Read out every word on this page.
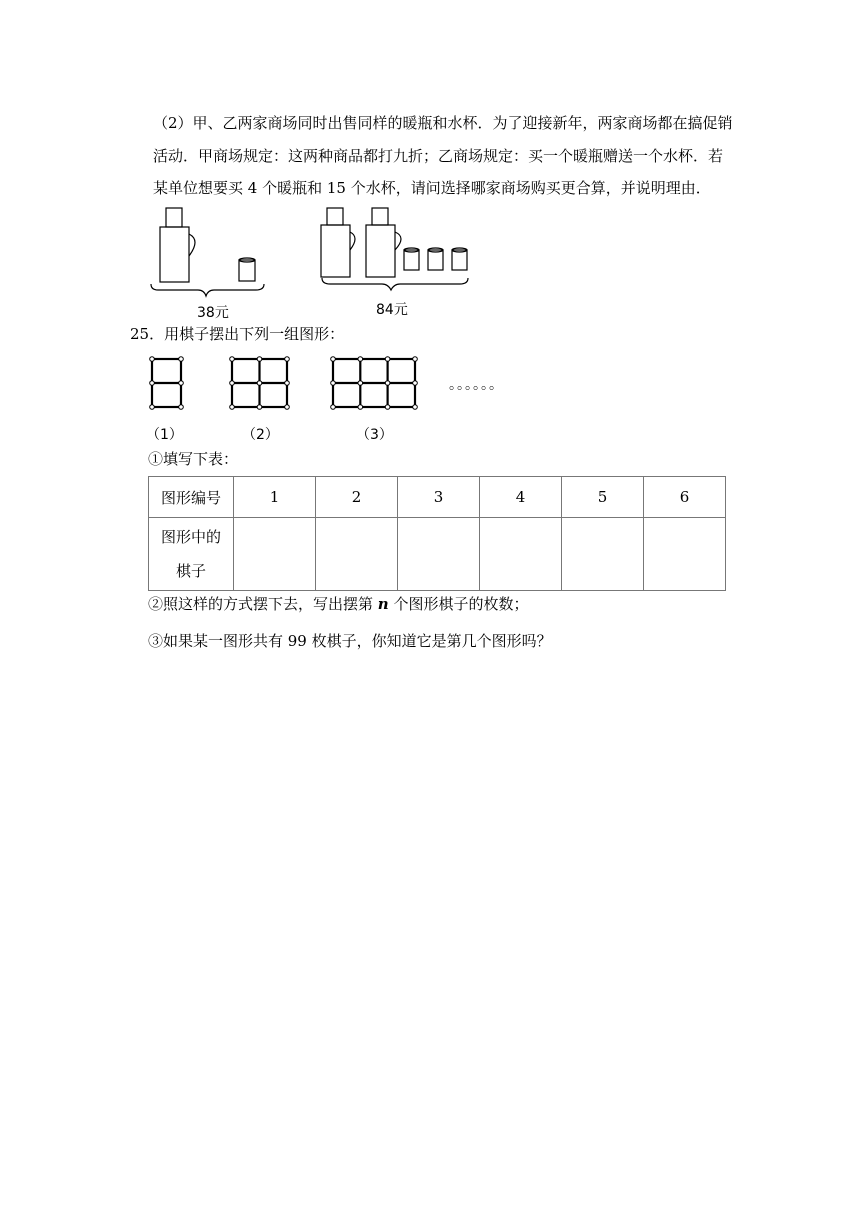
（2）甲、乙两家商场同时出售同样的暖瓶和水杯．为了迎接新年，两家商场都在搞促销
活动．甲商场规定：这两种商品都打九折；乙商场规定：买一个暖瓶赠送一个水杯．若
某单位想要买 4 个暖瓶和 15 个水杯，请问选择哪家商场购买更合算，并说明理由．
38元	84元
25．用棋子摆出下列一组图形：
。。。。。。
（1）	（2）	（3）
①填写下表：
图形编号	1	2	3	4	5	6

图形中的
棋子						

②照这样的方式摆下去，写出摆第 n 个图形棋子的枚数；
③如果某一图形共有 99 枚棋子，你知道它是第几个图形吗？
